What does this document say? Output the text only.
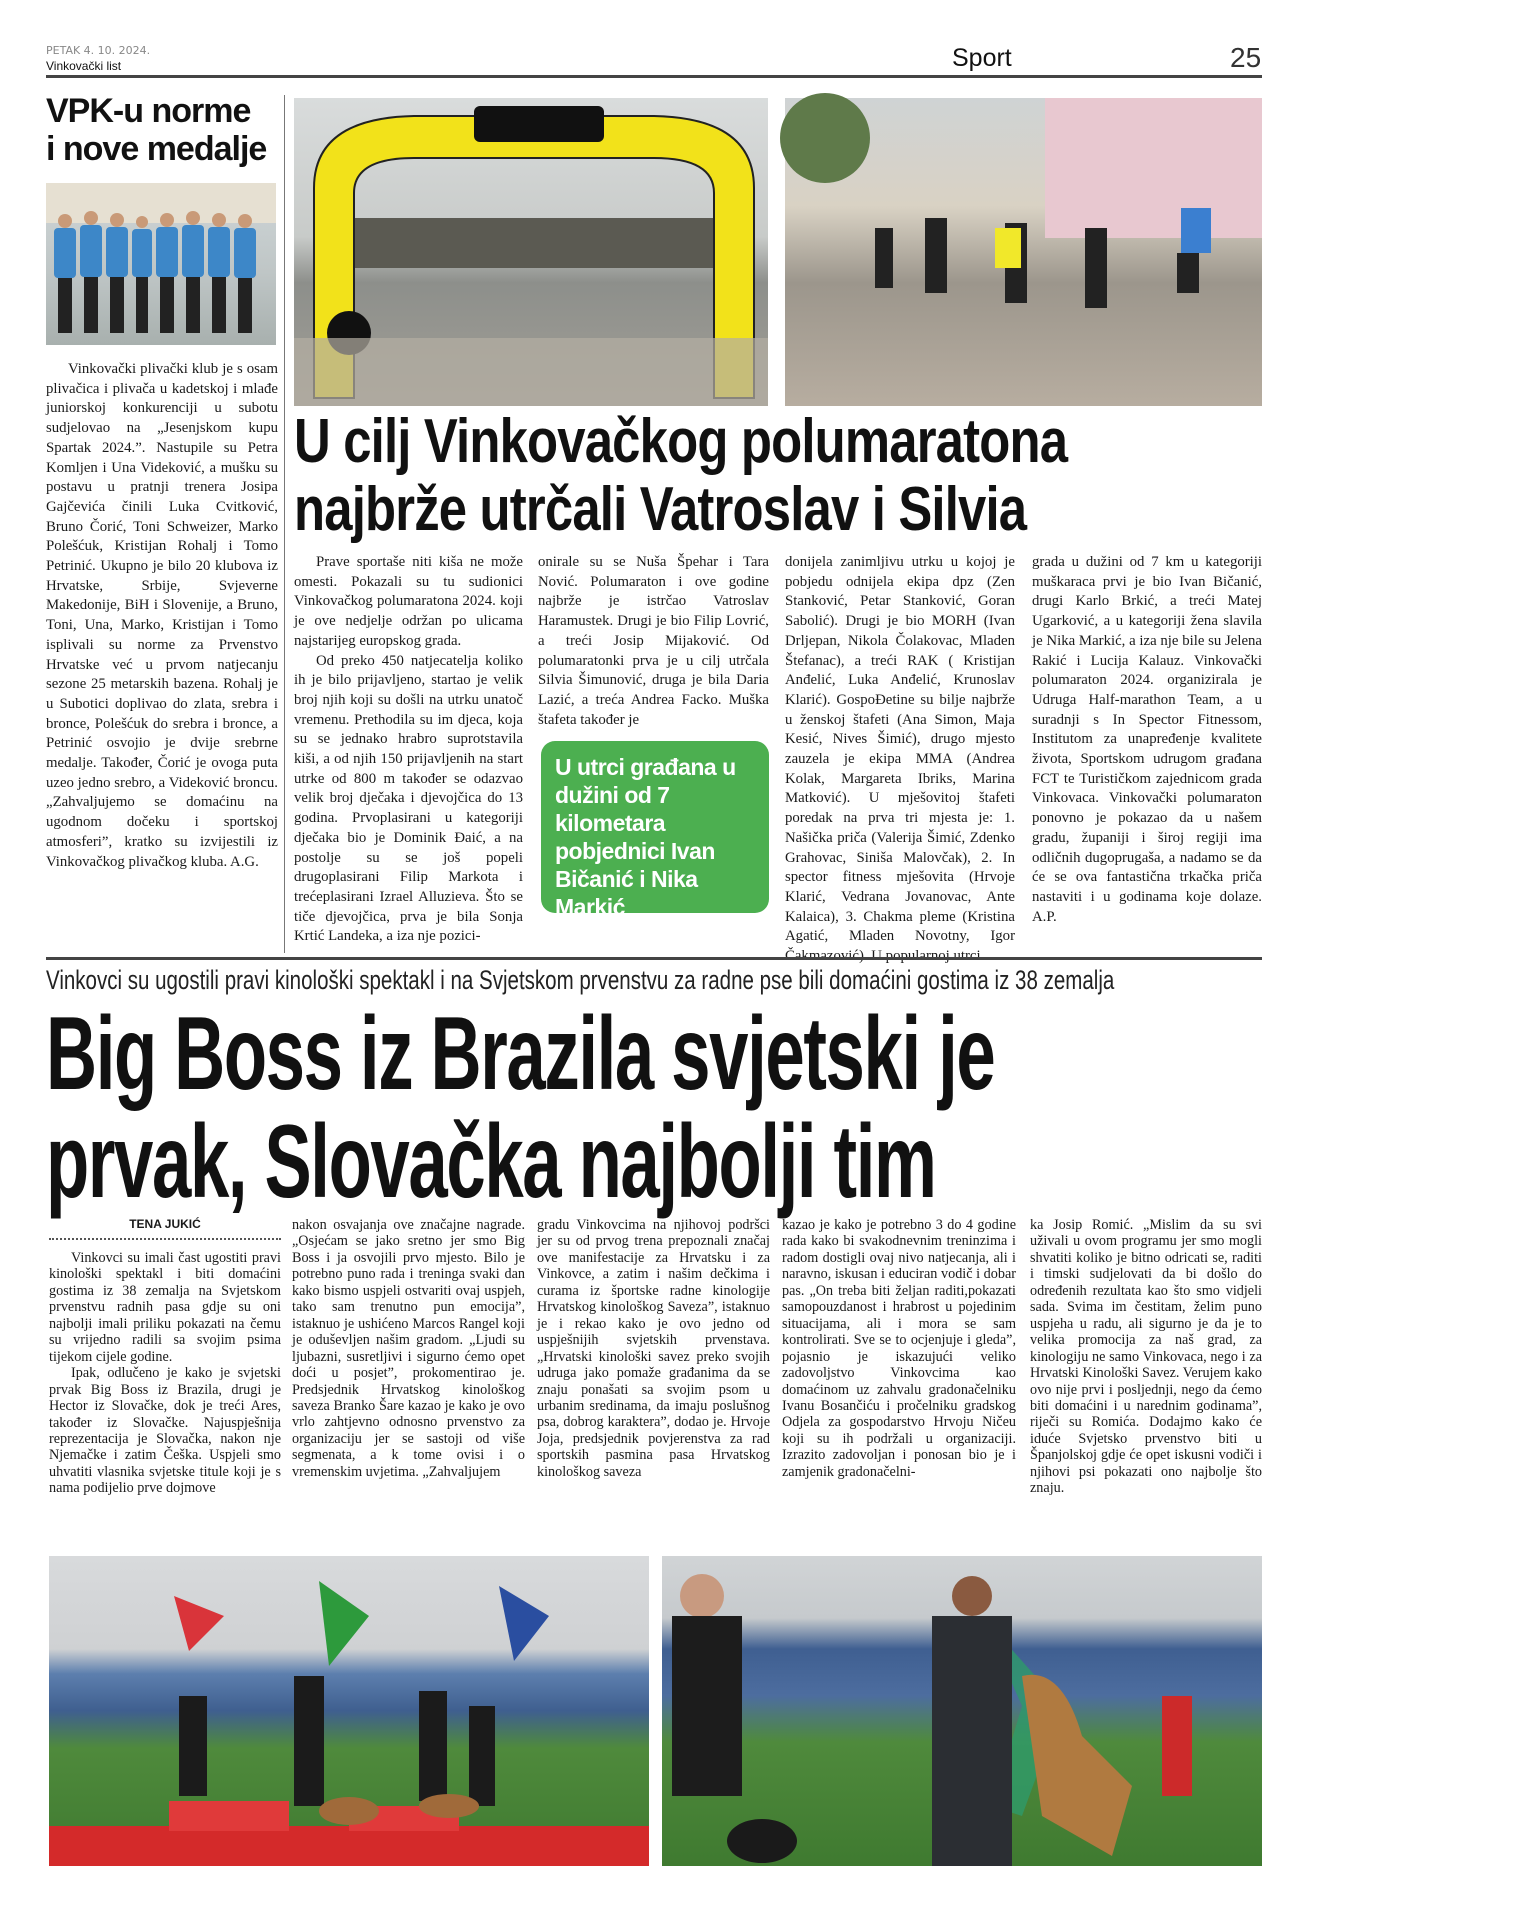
PETAK 4. 10. 2024.
Vinkovački list	Sport	25
VPK-u norme
i nove medalje

Vinkovački plivački klub je s osam plivačica i plivača u kadetskoj i mlađe juniorskoj konkurenciji u subotu sudjelovao na „Jesenjskom kupu Spartak 2024.”. Nastupile su Petra Komljen i Una Videković, a mušku su postavu u pratnji trenera Josipa Gajčevića činili Luka Cvitković, Bruno Čorić, Toni Schweizer, Marko Polešćuk, Kristijan Rohalj i Tomo Petrinić. Ukupno je bilo 20 klubova iz Hrvatske, Srbije, Svjeverne Makedonije, BiH i Slovenije, a Bruno, Toni, Una, Marko, Kristijan i Tomo isplivali su norme za Prvenstvo Hrvatske već u prvom natjecanju sezone 25 metarskih bazena. Rohalj je u Subotici doplivao do zlata, srebra i bronce, Polešćuk do srebra i bronce, a Petrinić osvojio je dvije srebrne medalje. Također, Čorić je ovoga puta uzeo jedno srebro, a Videković broncu. „Zahvaljujemo se domaćinu na ugodnom dočeku i sportskoj atmosferi”, kratko su izvijestili iz Vinkovačkog plivačkog kluba. A.G.

U cilj Vinkovačkog polumaratona
najbrže utrčali Vatroslav i Silvia

Prave sportaše niti kiša ne može omesti. Pokazali su tu sudionici Vinkovačkog polumaratona 2024. koji je ove nedjelje održan po ulicama najstarijeg europskog grada.

Od preko 450 natjecatelja koliko ih je bilo prijavljeno, startao je velik broj njih koji su došli na utrku unatoč vremenu. Prethodila su im djeca, koja su se jednako hrabro suprotstavila kiši, a od njih 150 prijavljenih na start utrke od 800 m također se odazvao velik broj dječaka i djevojčica do 13 godina. Prvoplasirani u kategoriji dječaka bio je Dominik Đaić, a na postolje su se još popeli drugoplasirani Filip Markota i trećeplasirani Izrael Alluzieva. Što se tiče djevojčica, prva je bila Sonja Krtić Landeka, a iza nje pozici-

onirale su se Nuša Špehar i Tara Nović. Polumaraton i ove godine najbrže je istrčao Vatroslav Haramustek. Drugi je bio Filip Lovrić, a treći Josip Mijaković. Od polumaratonki prva je u cilj utrčala Silvia Šimunović, druga je bila Daria Lazić, a treća Andrea Facko. Muška štafeta također je

U utrci građana u dužini od 7 kilometara pobjednici Ivan Bičanić i Nika Markić

donijela zanimljivu utrku u kojoj je pobjedu odnijela ekipa dpz (Zen Stanković, Petar Stanković, Goran Sabolić). Drugi je bio MORH (Ivan Drljepan, Nikola Čolakovac, Mladen Štefanac), a treći RAK ( Kristijan Anđelić, Luka Anđelić, Krunoslav Klarić). GospoĐetine su bilje najbrže u ženskoj štafeti (Ana Simon, Maja Kesić, Nives Šimić), drugo mjesto zauzela je ekipa MMA (Andrea Kolak, Margareta Ibriks, Marina Matković). U mješovitoj štafeti poredak na prva tri mjesta je: 1. Našička priča (Valerija Šimić, Zdenko Grahovac, Siniša Malovčak), 2. In spector fitness mješovita (Hrvoje Klarić, Vedrana Jovanovac, Ante Kalaica), 3. Chakma pleme (Kristina Agatić, Mladen Novotny, Igor

grada u dužini od 7 km u kategoriji muškaraca prvi je bio Ivan Bičanić, drugi Karlo Brkić, a treći Matej Ugarković, a u kategoriji žena slavila je Nika Markić, a iza nje bile su Jelena Rakić i Lucija Kalauz. Vinkovački polumaraton 2024. organizirala je Udruga Half-marathon Team, a u suradnji s In Spector Fitnessom, Institutom za unapređenje kvalitete života, Sportskom udrugom građana FCT te Turističkom zajednicom grada Vinkovaca. Vinkovački polumaraton ponovno je pokazao da u našem gradu, županiji i široj regiji ima odličnih dugoprugaša, a nadamo se da će se ova fantastična trkačka priča nastaviti i u godinama koje dolaze. A.P.

Vinkovci su ugostili pravi kinološki spektakl i na Svjetskom prvenstvu za radne pse bili domaćini gostima iz 38 zemalja
Big Boss iz Brazila svjetski je
prvak, Slovačka najbolji tim
TENA JUKIĆ

Vinkovci su imali čast ugostiti pravi kinološki spektakl i biti domaćini gostima iz 38 zemalja na Svjetskom prvenstvu radnih pasa gdje su oni najbolji imali priliku pokazati na čemu su vrijedno radili sa svojim psima tijekom cijele godine.

Ipak, odlučeno je kako je svjetski prvak Big Boss iz Brazila, drugi je Hector iz Slovačke, dok je treći Ares, također iz Slovačke. Najuspješnija reprezentacija je Slovačka, nakon nje Njemačke i zatim Češka. Uspjeli smo uhvatiti vlasnika svjetske titule koji je s nama podijelio prve dojmove

nakon osvajanja ove značajne nagrade. „Osjećam se jako sretno jer smo Big Boss i ja osvojili prvo mjesto. Bilo je potrebno puno rada i treninga svaki dan kako bismo uspjeli ostvariti ovaj uspjeh, tako sam trenutno pun emocija”, istaknuo je ushićeno Marcos Rangel koji je oduševljen našim gradom. „Ljudi su ljubazni, susretljivi i sigurno ćemo opet doći u posjet”, prokomentirao je. Predsjednik Hrvatskog kinološkog saveza Branko Šare kazao je kako je ovo vrlo zahtjevno odnosno prvenstvo za organizaciju jer se sastoji od više segmenata, a k tome ovisi i o vremenskim uvjetima. „Zahvaljujem

gradu Vinkovcima na njihovoj podršci jer su od prvog trena prepoznali značaj ove manifestacije za Hrvatsku i za Vinkovce, a zatim i našim dečkima i curama iz športske radne kinologije Hrvatskog kinološkog Saveza”, istaknuo je i rekao kako je ovo jedno od uspješnijih svjetskih prvenstava. „Hrvatski kinološki savez preko svojih udruga jako pomaže građanima da se znaju ponašati sa svojim psom u urbanim sredinama, da imaju poslušnog psa, dobrog karaktera”, dodao je. Hrvoje Joja, predsjednik povjerenstva za rad sportskih pasmina pasa Hrvatskog kinološkog saveza

kazao je kako je potrebno 3 do 4 godine rada kako bi svakodnevnim treninzima i radom dostigli ovaj nivo natjecanja, ali i naravno, iskusan i educiran vodič i dobar pas. „On treba biti željan raditi,pokazati samopouzdanost i hrabrost u pojedinim situacijama, ali i mora se sam kontrolirati. Sve se to ocjenjuje i gleda”, pojasnio je iskazujući veliko zadovoljstvo Vinkovcima kao domaćinom uz zahvalu gradonačelniku Ivanu Bosančiću i pročelniku gradskog Odjela za gospodarstvo Hrvoju Ničeu koji su ih podržali u organizaciji. Izrazito zadovoljan i ponosan bio je i zamjenik gradonačelni-

ka Josip Romić. „Mislim da su svi uživali u ovom programu jer smo mogli shvatiti koliko je bitno odricati se, raditi i timski sudjelovati da bi došlo do određenih rezultata kao što smo vidjeli sada. Svima im čestitam, želim puno uspjeha u radu, ali sigurno je da je to velika promocija za naš grad, za kinologiju ne samo Vinkovaca, nego i za Hrvatski Kinološki Savez. Verujem kako ovo nije prvi i posljednji, nego da ćemo biti domaćini i u narednim godinama”, riječi su Romića. Dodajmo kako će iduće Svjetsko prvenstvo biti u Španjolskoj gdje će opet iskusni vodiči i njihovi psi pokazati ono najbolje što znaju.
